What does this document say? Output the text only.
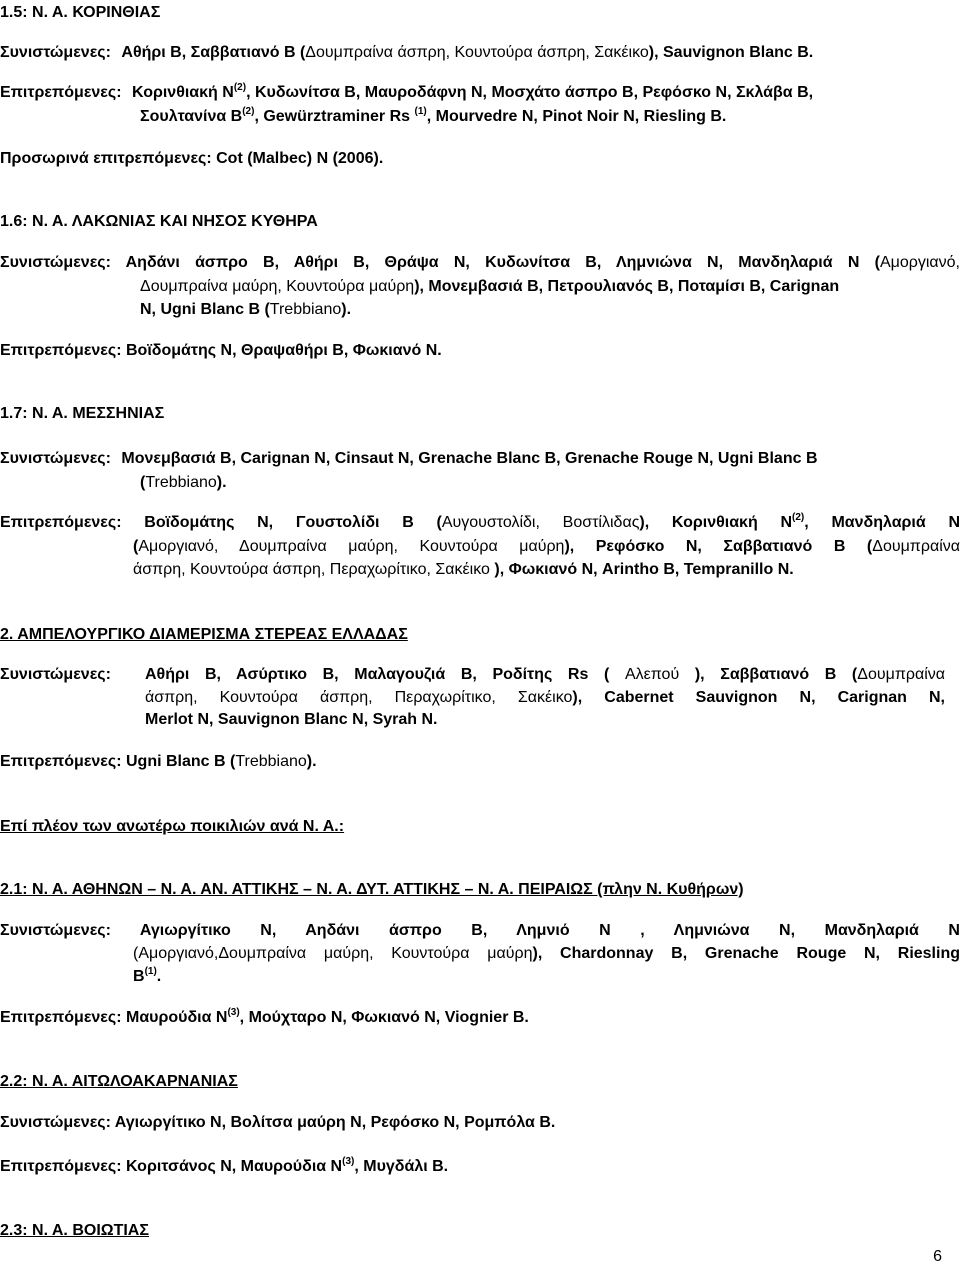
1.5: Ν. Α. ΚΟΡΙΝΘΙΑΣ
Συνιστώμενες: Αθήρι Β, Σαββατιανό Β (Δουμπραίνα άσπρη, Κουντούρα άσπρη, Σακέικο), Sauvignon Blanc B.
Επιτρεπόμενες: Κορινθιακή $N^{(2)}$, Κυδωνίτσα Β, Μαυροδάφνη Ν, Μοσχάτο άσπρο Β, Ρεφόσκο Ν, Σκλάβα Β,
Σουλτανίνα $B^{(2)}$, Gewürztraminer Rs $^{(1)}$, Mourvedre N, Pinot Noir N, Riesling B.
Προσωρινά επιτρεπόμενες: Cot (Malbec) N (2006).
1.6: Ν. Α. ΛΑΚΩΝΙΑΣ ΚΑΙ ΝΗΣΟΣ ΚΥΘΗΡΑ
Συνιστώμενες: Αηδάνι άσπρο Β, Αθήρι Β, Θράψα Ν, Κυδωνίτσα Β, Λημνιώνα Ν, Μανδηλαριά Ν (Αμοργιανό,
Δουμπραίνα μαύρη, Κουντούρα μαύρη), Μονεμβασιά Β, Πετρουλιανός Β, Ποταμίσι Β, Carignan
N, Ugni Blanc B (Trebbiano).
Επιτρεπόμενες: Βοϊδομάτης Ν, Θραψαθήρι Β, Φωκιανό Ν.
1.7: Ν. Α. ΜΕΣΣΗΝΙΑΣ
Συνιστώμενες: Μονεμβασιά Β, Carignan N, Cinsaut N, Grenache Blanc B, Grenache Rouge N, Ugni Blanc B
(Trebbiano).
Επιτρεπόμενες: Βοϊδομάτης Ν, Γουστολίδι Β (Αυγουστολίδι, Βοστίλιδας), Κορινθιακή $N^{(2)}$, Μανδηλαριά Ν
(Αμοργιανό, Δουμπραίνα μαύρη, Κουντούρα μαύρη), Ρεφόσκο Ν, Σαββατιανό Β (Δουμπραίνα
άσπρη, Κουντούρα άσπρη, Περαχωρίτικο, Σακέικο ), Φωκιανό Ν, Arintho B, Tempranillo N.
2. ΑΜΠΕΛΟΥΡΓΙΚΟ ΔΙΑΜΕΡΙΣΜΑ ΣΤΕΡΕΑΣ ΕΛΛΑΔΑΣ
Συνιστώμενες: Αθήρι Β, Ασύρτικο Β, Μαλαγουζιά Β, Ροδίτης Rs ( Αλεπού ), Σαββατιανό Β (Δουμπραίνα
άσπρη, Κουντούρα άσπρη, Περαχωρίτικο, Σακέικο), Cabernet Sauvignon N, Carignan N,
Merlot N, Sauvignon Blanc N, Syrah N.
Επιτρεπόμενες: Ugni Blanc B (Trebbiano).
Επί πλέον των ανωτέρω ποικιλιών ανά Ν. Α.:
2.1: Ν. Α. ΑΘΗΝΩΝ – Ν. Α. ΑΝ. ΑΤΤΙΚΗΣ – Ν. Α. ΔΥΤ. ΑΤΤΙΚΗΣ – Ν. Α. ΠΕΙΡΑΙΩΣ (πλην Ν. Κυθήρων)
Συνιστώμενες: Αγιωργίτικο Ν, Αηδάνι άσπρο Β, Λημνιό Ν , Λημνιώνα Ν, Μανδηλαριά Ν
(Αμοργιανό,Δουμπραίνα μαύρη, Κουντούρα μαύρη), Chardonnay B, Grenache Rouge N, Riesling
$B^{(1)}$.
Επιτρεπόμενες: Μαυρούδια $N^{(3)}$, Μούχταρο Ν, Φωκιανό Ν, Viognier B.
2.2: Ν. Α. ΑΙΤΩΛΟΑΚΑΡΝΑΝΙΑΣ
Συνιστώμενες: Αγιωργίτικο Ν, Βολίτσα μαύρη Ν, Ρεφόσκο Ν, Ρομπόλα Β.
Επιτρεπόμενες: Κοριτσάνος Ν, Μαυρούδια $N^{(3)}$, Μυγδάλι Β.
2.3: Ν. Α. ΒΟΙΩΤΙΑΣ
6
